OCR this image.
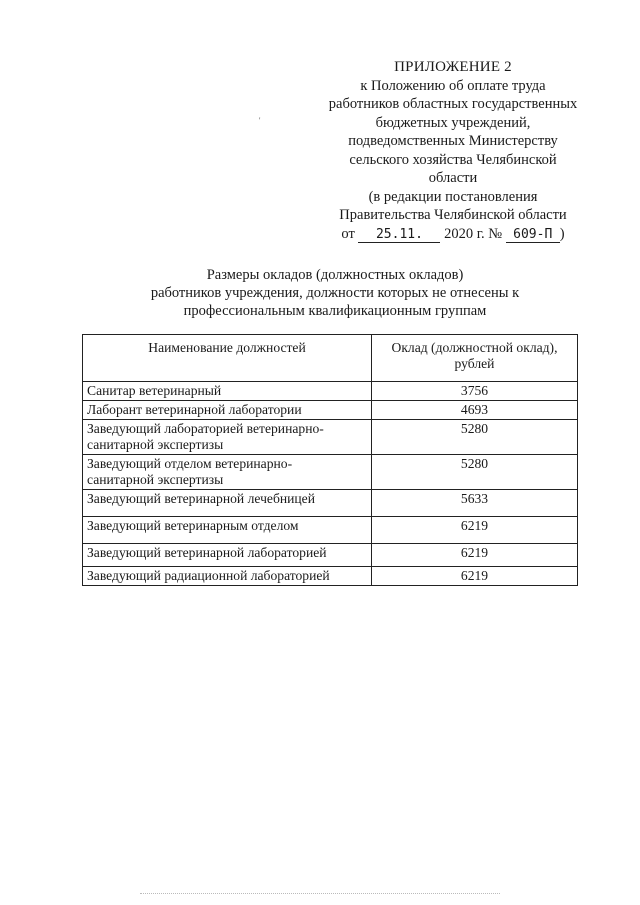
'
ПРИЛОЖЕНИЕ 2
к Положению об оплате труда
работников областных государственных
бюджетных учреждений,
подведомственных Министерству
сельского хозяйства Челябинской
области
(в редакции постановления
Правительства Челябинской области
от 25.11. 2020 г. № 609-П )
Размеры окладов (должностных окладов)
работников учреждения, должности которых не отнесены к
профессиональным квалификационным группам
Наименование должностей	Оклад (должностной оклад),
рублей

Санитар ветеринарный	3756
Лаборант ветеринарной лаборатории	4693

Заведующий лабораторией ветеринарно-
санитарной экспертизы	5280

Заведующий отделом ветеринарно-
санитарной экспертизы	5280
Заведующий ветеринарной лечебницей	5633
Заведующий ветеринарным отделом	6219
Заведующий ветеринарной лабораторией	6219
Заведующий радиационной лабораторией	6219
